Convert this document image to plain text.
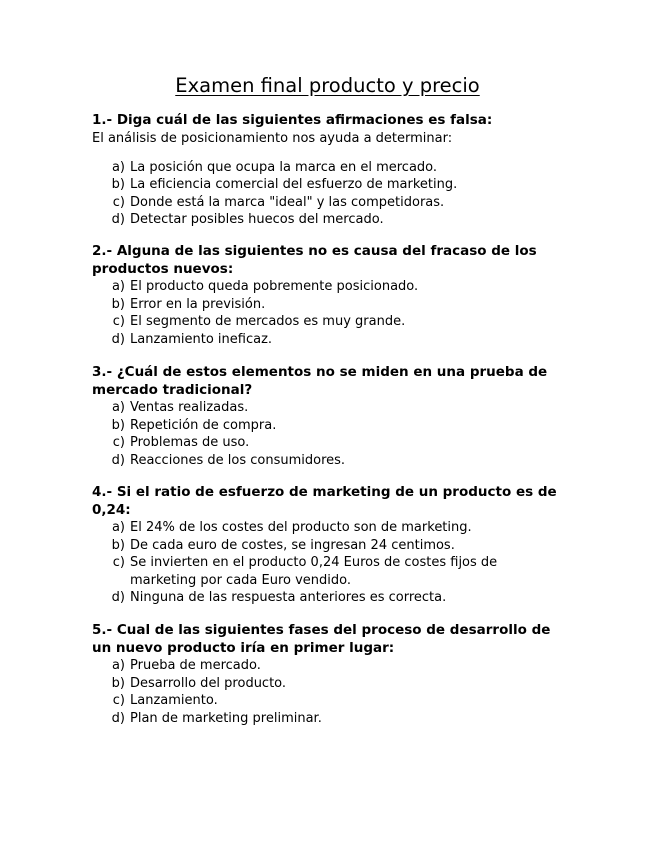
Examen final producto y precio

1.- Diga cuál de las siguientes afirmaciones es falsa:

El análisis de posicionamiento nos ayuda a determinar:

a) La posición que ocupa la marca en el mercado.
b) La eficiencia comercial del esfuerzo de marketing.
c) Donde está la marca "ideal" y las competidoras.
d) Detectar posibles huecos del mercado.

2.- Alguna de las siguientes no es causa del fracaso de los productos nuevos:

a) El producto queda pobremente posicionado.
b) Error en la previsión.
c) El segmento de mercados es muy grande.
d) Lanzamiento ineficaz.

3.- ¿Cuál de estos elementos no se miden en una prueba de mercado tradicional?

a) Ventas realizadas.
b) Repetición de compra.
c) Problemas de uso.
d) Reacciones de los consumidores.

4.- Si el ratio de esfuerzo de marketing de un producto es de 0,24:

a) El 24% de los costes del producto son de marketing.
b) De cada euro de costes, se ingresan 24 centimos.
c) Se invierten en el producto 0,24 Euros de costes fijos de marketing por cada Euro vendido.
d) Ninguna de las respuesta anteriores es correcta.

5.- Cual de las siguientes fases del proceso de desarrollo de un nuevo producto iría en primer lugar:

a) Prueba de mercado.
b) Desarrollo del producto.
c) Lanzamiento.
d) Plan de marketing preliminar.
